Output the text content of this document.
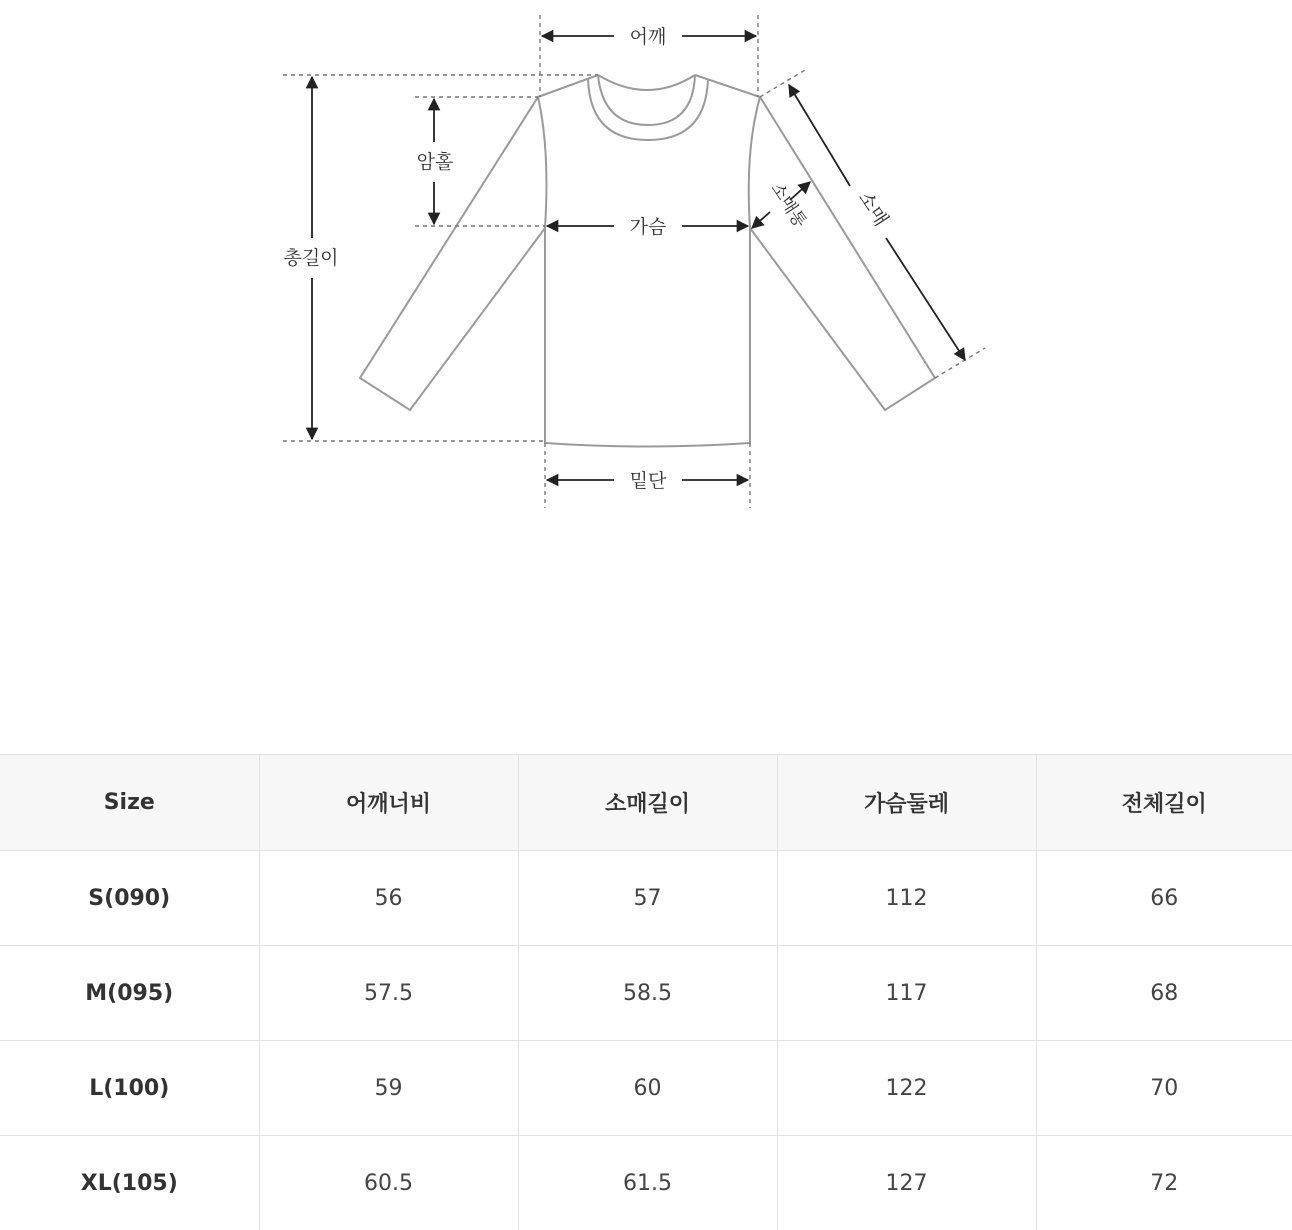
어깨
암홀
총길이
가슴
밑단
소매
소매통
Size	어깨너비	소매길이	가슴둘레	전체길이
S(090)	56	57	112	66
M(095)	57.5	58.5	117	68
L(100)	59	60	122	70
XL(105)	60.5	61.5	127	72
